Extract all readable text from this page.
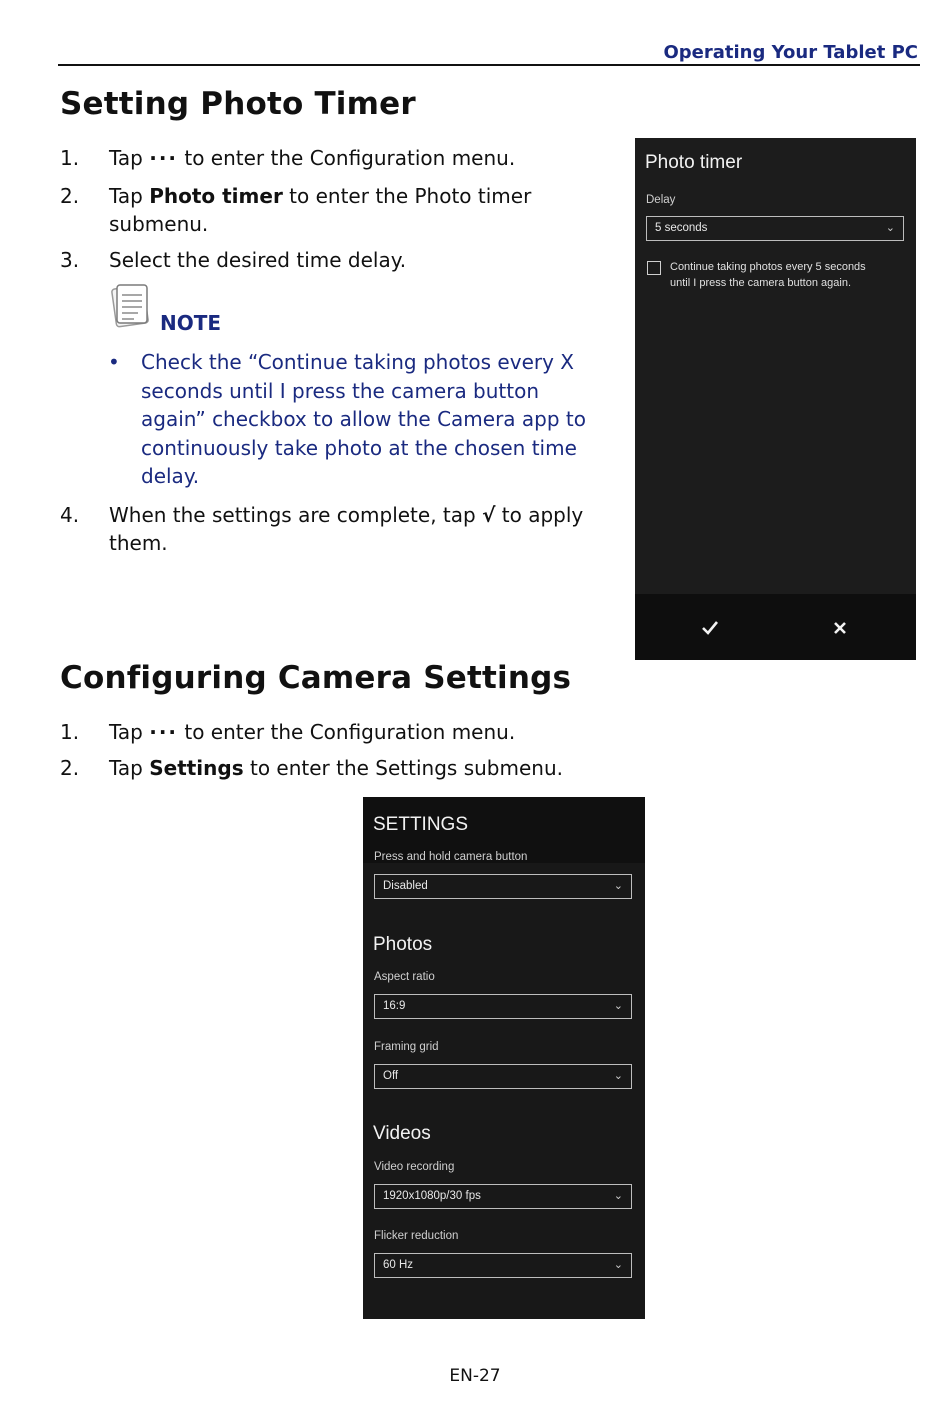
Operating Your Tablet PC
Setting Photo Timer
1. Tap ··· to enter the Configuration menu.
2. Tap Photo timer to enter the Photo timer
submenu.
3. Select the desired time delay.
NOTE
• Check the “Continue taking photos every X seconds until I press the camera button again” checkbox to allow the Camera app to continuously take photo at the chosen time delay.
4. When the settings are complete, tap √ to apply
them.
Photo timer
Delay
5 seconds	⌄
Continue taking photos every 5 seconds
until I press the camera button again.
Configuring Camera Settings
1. Tap ··· to enter the Configuration menu.
2. Tap Settings to enter the Settings submenu.
SETTINGS
Press and hold camera button
Disabled	⌄
Photos
Aspect ratio
16:9	⌄
Framing grid
Off	⌄
Videos
Video recording
1920x1080p/30 fps	⌄
Flicker reduction
60 Hz	⌄
EN-27
